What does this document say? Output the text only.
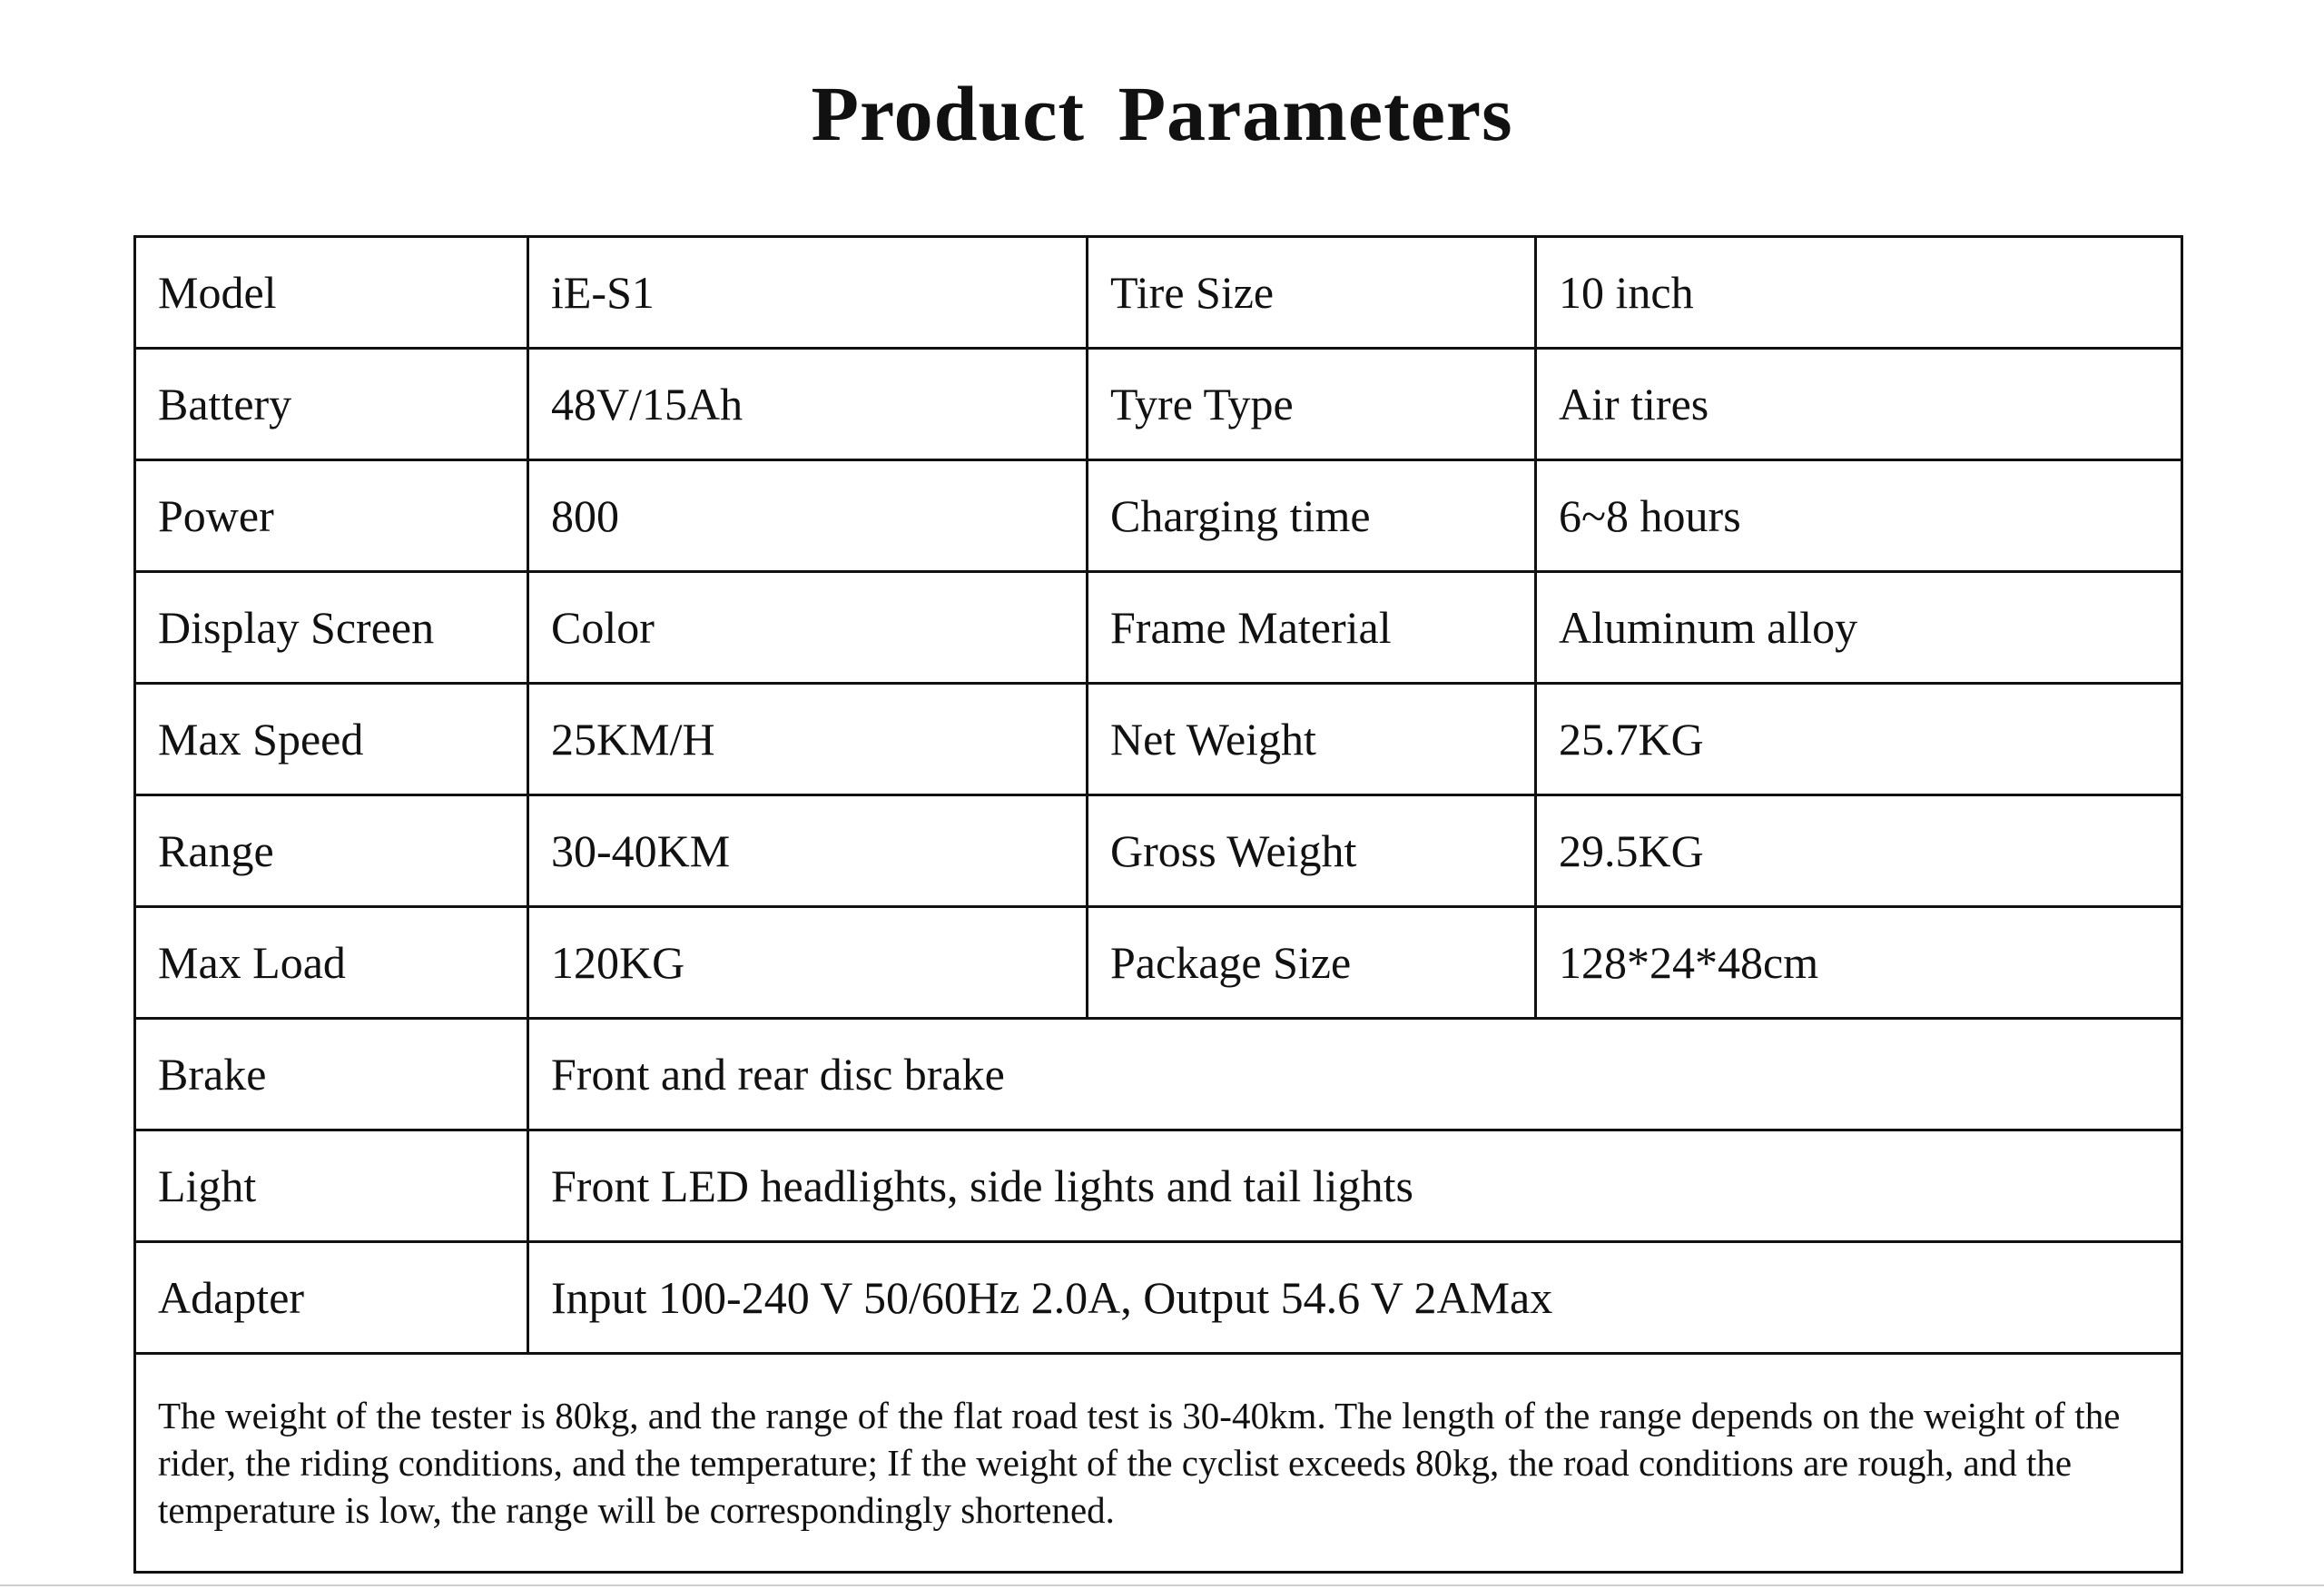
Product Parameters
Model	iE-S1	Tire Size	10 inch
Battery	48V/15Ah	Tyre Type	Air tires
Power	800	Charging time	6~8 hours
Display Screen	Color	Frame Material	Aluminum alloy
Max Speed	25KM/H	Net Weight	25.7KG
Range	30-40KM	Gross Weight	29.5KG
Max Load	120KG	Package Size	128*24*48cm
Brake	Front and rear disc brake		
Light	Front LED headlights, side lights and tail lights		
Adapter	Input 100-240 V 50/60Hz 2.0A, Output 54.6 V 2AMax		
The weight of the tester is 80kg, and the range of the flat road test is 30-40km. The length of the range depends on the weight of the rider, the riding conditions, and the temperature; If the weight of the cyclist exceeds 80kg, the road conditions are rough, and the temperature is low, the range will be correspondingly shortened.			
